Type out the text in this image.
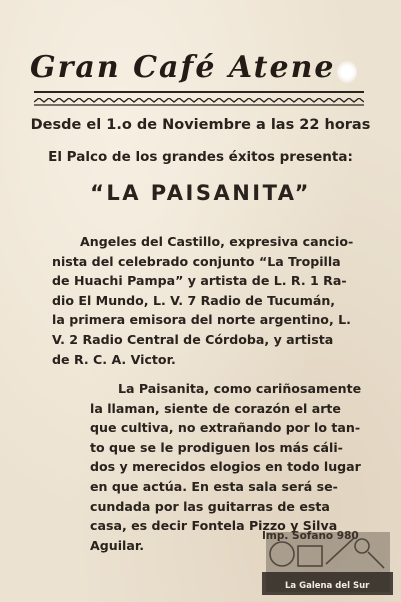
Gran Café Atene
Desde el 1.o de Noviembre a las 22 horas
El Palco de los grandes éxitos presenta:
“LA PAISANITA”
Angeles del Castillo, expresiva cancio-
nista del celebrado conjunto “La Tropilla
de Huachi Pampa” y artista de L. R. 1 Ra-
dio El Mundo, L. V. 7 Radio de Tucumán,
la primera emisora del norte argentino, L.
V. 2 Radio Central de Córdoba, y artista
de R. C. A. Victor.
La Paisanita, como cariñosamente
la llaman, siente de corazón el arte
que cultiva, no extrañando por lo tan-
to que se le prodiguen los más cáli-
dos y merecidos elogios en todo lugar
en que actúa. En esta sala será se-
cundada por las guitarras de esta
casa, es decir Fontela Pizzo y Silva
Aguilar.
Imp. Sofano 980
La Galena del Sur
